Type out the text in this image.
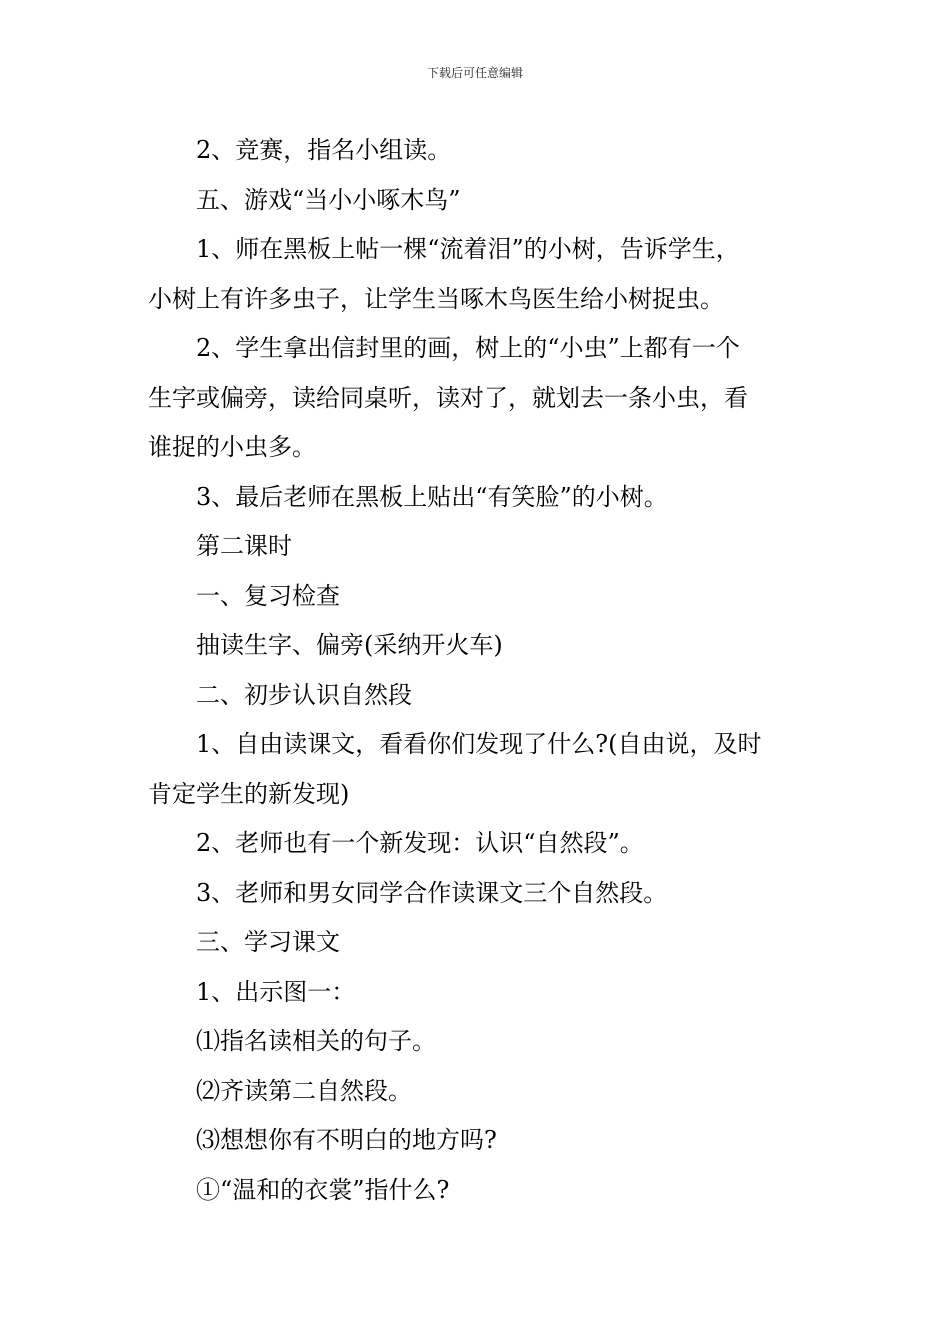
下载后可任意编辑

2、竞赛，指名小组读。

五、游戏“当小小啄木鸟”

1、师在黑板上帖一棵“流着泪”的小树，告诉学生，

小树上有许多虫子，让学生当啄木鸟医生给小树捉虫。

2、学生拿出信封里的画，树上的“小虫”上都有一个

生字或偏旁，读给同桌听，读对了，就划去一条小虫，看

谁捉的小虫多。

3、最后老师在黑板上贴出“有笑脸”的小树。

第二课时

一、复习检查

抽读生字、偏旁(采纳开火车)

二、初步认识自然段

1、自由读课文，看看你们发现了什么?(自由说，及时

肯定学生的新发现)

2、老师也有一个新发现：认识“自然段”。

3、老师和男女同学合作读课文三个自然段。

三、学习课文

1、出示图一：

⑴指名读相关的句子。

⑵齐读第二自然段。

⑶想想你有不明白的地方吗?

①“温和的衣裳”指什么?
